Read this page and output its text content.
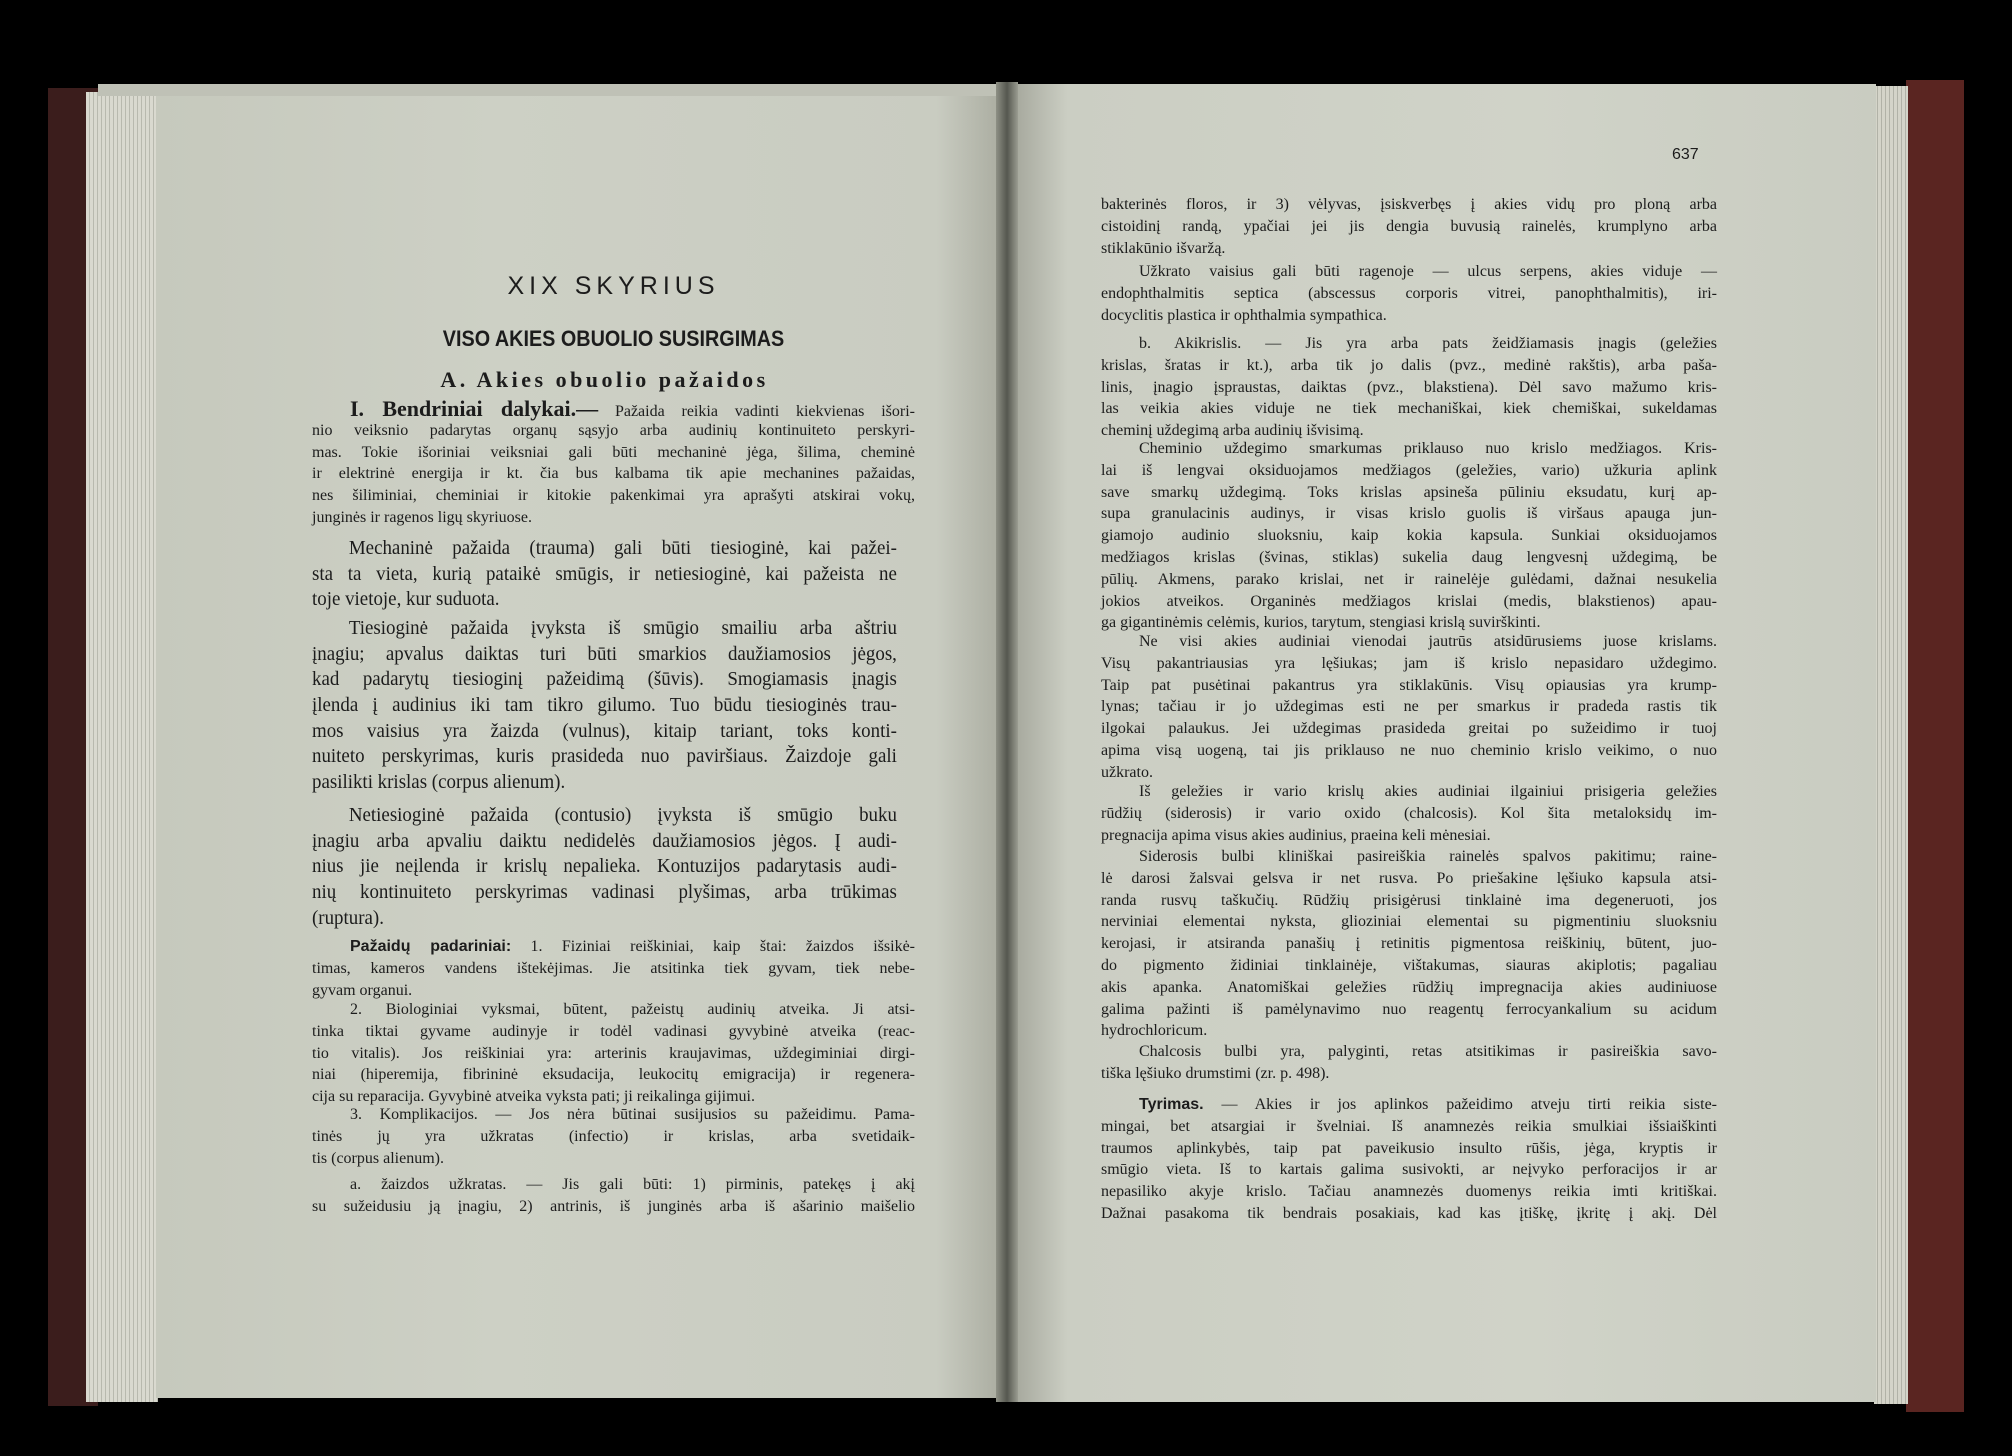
XIX SKYRIUS
VISO AKIES OBUOLIO SUSIRGIMAS
A. Akies obuolio pažaidos
637
I. Bendriniai dalykai.— Pažaida reikia vadinti kiekvienas išori-
nio veiksnio padarytas organų sąsyjo arba audinių kontinuiteto perskyri-
mas. Tokie išoriniai veiksniai gali būti mechaninė jėga, šilima, cheminė
ir elektrinė energija ir kt. čia bus kalbama tik apie mechanines pažaidas,
nes šiliminiai, cheminiai ir kitokie pakenkimai yra aprašyti atskirai vokų,
junginės ir ragenos ligų skyriuose.
Mechaninė pažaida (trauma) gali būti tiesioginė, kai pažei-
sta ta vieta, kurią pataikė smūgis, ir netiesioginė, kai pažeista ne
toje vietoje, kur suduota.
Tiesioginė pažaida įvyksta iš smūgio smailiu arba aštriu
įnagiu; apvalus daiktas turi būti smarkios daužiamosios jėgos,
kad padarytų tiesioginį pažeidimą (šūvis). Smogiamasis įnagis
įlenda į audinius iki tam tikro gilumo. Tuo būdu tiesioginės trau-
mos vaisius yra žaizda (vulnus), kitaip tariant, toks konti-
nuiteto perskyrimas, kuris prasideda nuo paviršiaus. Žaizdoje gali
pasilikti krislas (corpus alienum).
Netiesioginė pažaida (contusio) įvyksta iš smūgio buku
įnagiu arba apvaliu daiktu nedidelės daužiamosios jėgos. Į audi-
nius jie neįlenda ir krislų nepalieka. Kontuzijos padarytasis audi-
nių kontinuiteto perskyrimas vadinasi plyšimas, arba trūkimas
(ruptura).
Pažaidų padariniai: 1. Fiziniai reiškiniai, kaip štai: žaizdos išsikė-
timas, kameros vandens ištekėjimas. Jie atsitinka tiek gyvam, tiek nebe-
gyvam organui.
2. Biologiniai vyksmai, būtent, pažeistų audinių atveika. Ji atsi-
tinka tiktai gyvame audinyje ir todėl vadinasi gyvybinė atveika (reac-
tio vitalis). Jos reiškiniai yra: arterinis kraujavimas, uždegiminiai dirgi-
niai (hiperemija, fibrininė eksudacija, leukocitų emigracija) ir regenera-
cija su reparacija. Gyvybinė atveika vyksta pati; ji reikalinga gijimui.
3. Komplikacijos. — Jos nėra būtinai susijusios su pažeidimu. Pama-
tinės jų yra užkratas (infectio) ir krislas, arba svetidaik-
tis (corpus alienum).
a. žaizdos užkratas. — Jis gali būti: 1) pirminis, patekęs į akį
su sužeidusiu ją įnagiu, 2) antrinis, iš junginės arba iš ašarinio maišelio
bakterinės floros, ir 3) vėlyvas, įsiskverbęs į akies vidų pro ploną arba
cistoidinį randą, ypačiai jei jis dengia buvusią rainelės, krumplyno arba
stiklakūnio išvaržą.
Užkrato vaisius gali būti ragenoje — ulcus serpens, akies viduje —
endophthalmitis septica (abscessus corporis vitrei, panophthalmitis), iri-
docyclitis plastica ir ophthalmia sympathica.
b. Akikrislis. — Jis yra arba pats žeidžiamasis įnagis (geležies
krislas, šratas ir kt.), arba tik jo dalis (pvz., medinė rakštis), arba paša-
linis, įnagio įspraustas, daiktas (pvz., blakstiena). Dėl savo mažumo kris-
las veikia akies viduje ne tiek mechaniškai, kiek chemiškai, sukeldamas
cheminį uždegimą arba audinių išvisimą.
Cheminio uždegimo smarkumas priklauso nuo krislo medžiagos. Kris-
lai iš lengvai oksiduojamos medžiagos (geležies, vario) užkuria aplink
save smarkų uždegimą. Toks krislas apsineša pūliniu eksudatu, kurį ap-
supa granulacinis audinys, ir visas krislo guolis iš viršaus apauga jun-
giamojo audinio sluoksniu, kaip kokia kapsula. Sunkiai oksiduojamos
medžiagos krislas (švinas, stiklas) sukelia daug lengvesnį uždegimą, be
pūlių. Akmens, parako krislai, net ir rainelėje gulėdami, dažnai nesukelia
jokios atveikos. Organinės medžiagos krislai (medis, blakstienos) apau-
ga gigantinėmis celėmis, kurios, tarytum, stengiasi krislą suvirškinti.
Ne visi akies audiniai vienodai jautrūs atsidūrusiems juose krislams.
Visų pakantriausias yra lęšiukas; jam iš krislo nepasidaro uždegimo.
Taip pat pusėtinai pakantrus yra stiklakūnis. Visų opiausias yra krump-
lynas; tačiau ir jo uždegimas esti ne per smarkus ir pradeda rastis tik
ilgokai palaukus. Jei uždegimas prasideda greitai po sužeidimo ir tuoj
apima visą uogeną, tai jis priklauso ne nuo cheminio krislo veikimo, o nuo
užkrato.
Iš geležies ir vario krislų akies audiniai ilgainiui prisigeria geležies
rūdžių (siderosis) ir vario oxido (chalcosis). Kol šita metaloksidų im-
pregnacija apima visus akies audinius, praeina keli mėnesiai.
Siderosis bulbi kliniškai pasireiškia rainelės spalvos pakitimu; raine-
lė darosi žalsvai gelsva ir net rusva. Po priešakine lęšiuko kapsula atsi-
randa rusvų taškučių. Rūdžių prisigėrusi tinklainė ima degeneruoti, jos
nerviniai elementai nyksta, glioziniai elementai su pigmentiniu sluoksniu
kerojasi, ir atsiranda panašių į retinitis pigmentosa reiškinių, būtent, juo-
do pigmento židiniai tinklainėje, vištakumas, siauras akiplotis; pagaliau
akis apanka. Anatomiškai geležies rūdžių impregnacija akies audiniuose
galima pažinti iš pamėlynavimo nuo reagentų ferrocyankalium su acidum
hydrochloricum.
Chalcosis bulbi yra, palyginti, retas atsitikimas ir pasireiškia savo-
tiška lęšiuko drumstimi (zr. p. 498).
Tyrimas. — Akies ir jos aplinkos pažeidimo atveju tirti reikia siste-
mingai, bet atsargiai ir švelniai. Iš anamnezės reikia smulkiai išsiaiškinti
traumos aplinkybės, taip pat paveikusio insulto rūšis, jėga, kryptis ir
smūgio vieta. Iš to kartais galima susivokti, ar neįvyko perforacijos ir ar
nepasiliko akyje krislo. Tačiau anamnezės duomenys reikia imti kritiškai.
Dažnai pasakoma tik bendrais posakiais, kad kas įtiškę, įkritę į akį. Dėl
